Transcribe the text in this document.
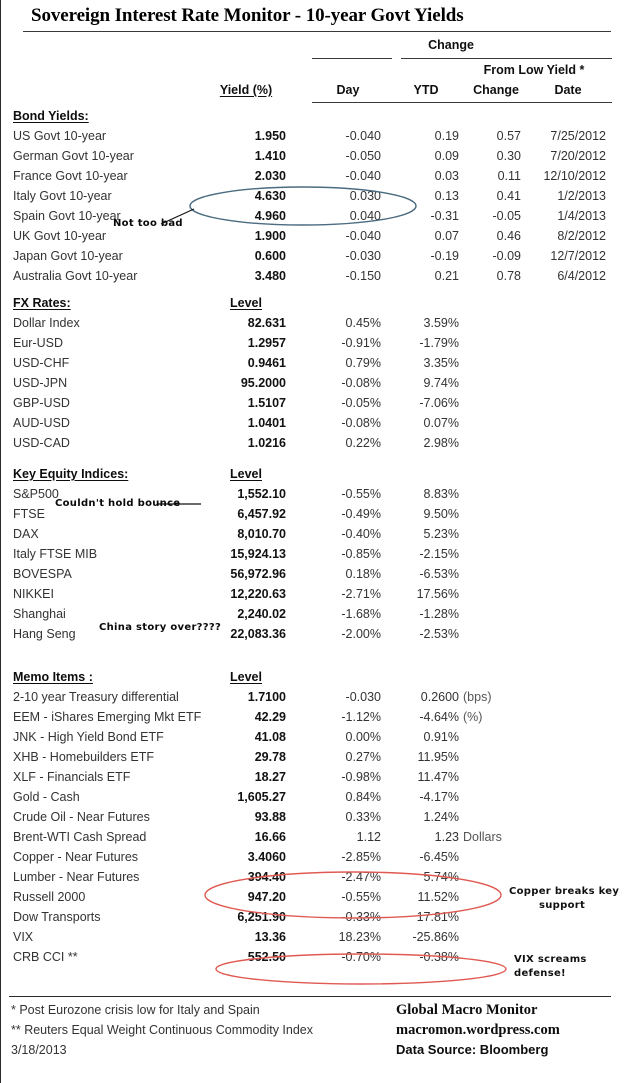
Sovereign Interest Rate Monitor - 10-year Govt Yields
Change
From Low Yield *
Yield (%)	Day	YTD	Change	Date
Bond Yields:
US Govt 10-year	1.950	-0.040	0.19	0.57	7/25/2012
German Govt 10-year	1.410	-0.050	0.09	0.30	7/20/2012
France Govt 10-year	2.030	-0.040	0.03	0.11	12/10/2012
Italy Govt 10-year	4.630	0.030	0.13	0.41	1/2/2013
Spain Govt 10-year	4.960	0.040	-0.31	-0.05	1/4/2013
UK Govt 10-year	1.900	-0.040	0.07	0.46	8/2/2012
Japan Govt 10-year	0.600	-0.030	-0.19	-0.09	12/7/2012
Australia Govt 10-year	3.480	-0.150	0.21	0.78	6/4/2012
FX Rates:	Level
Dollar Index	82.631	0.45%	3.59%
Eur-USD	1.2957	-0.91%	-1.79%
USD-CHF	0.9461	0.79%	3.35%
USD-JPN	95.2000	-0.08%	9.74%
GBP-USD	1.5107	-0.05%	-7.06%
AUD-USD	1.0401	-0.08%	0.07%
USD-CAD	1.0216	0.22%	2.98%
Key Equity Indices:	Level
S&P500	1,552.10	-0.55%	8.83%
FTSE	6,457.92	-0.49%	9.50%
DAX	8,010.70	-0.40%	5.23%
Italy FTSE MIB	15,924.13	-0.85%	-2.15%
BOVESPA	56,972.96	0.18%	-6.53%
NIKKEI	12,220.63	-2.71%	17.56%
Shanghai	2,240.02	-1.68%	-1.28%
Hang Seng	22,083.36	-2.00%	-2.53%
Memo Items :	Level
2-10 year Treasury differential	1.7100	-0.030	0.2600 (bps)
EEM - iShares Emerging Mkt ETF	42.29	-1.12%	-4.64% (%)
JNK - High Yield Bond ETF	41.08	0.00%	0.91%
XHB - Homebuilders ETF	29.78	0.27%	11.95%
XLF - Financials ETF	18.27	-0.98%	11.47%
Gold - Cash	1,605.27	0.84%	-4.17%
Crude Oil - Near Futures	93.88	0.33%	1.24%
Brent-WTI Cash Spread	16.66	1.12	1.23 Dollars
Copper - Near Futures	3.4060	-2.85%	-6.45%
Lumber - Near Futures	394.40	-2.47%	5.74%
Russell 2000	947.20	-0.55%	11.52%
Dow Transports	6,251.90	-0.33%	17.81%
VIX	13.36	18.23%	-25.86%
CRB CCI **	552.50	-0.70%	-0.38%
Not too bad
Couldn't hold bounce
China story over????
Copper breaks key
support
VIX screams
defense!
* Post Eurozone crisis low for Italy and Spain
** Reuters Equal Weight Continuous Commodity Index
3/18/2013
Global Macro Monitor
macromon.wordpress.com
Data Source: Bloomberg
